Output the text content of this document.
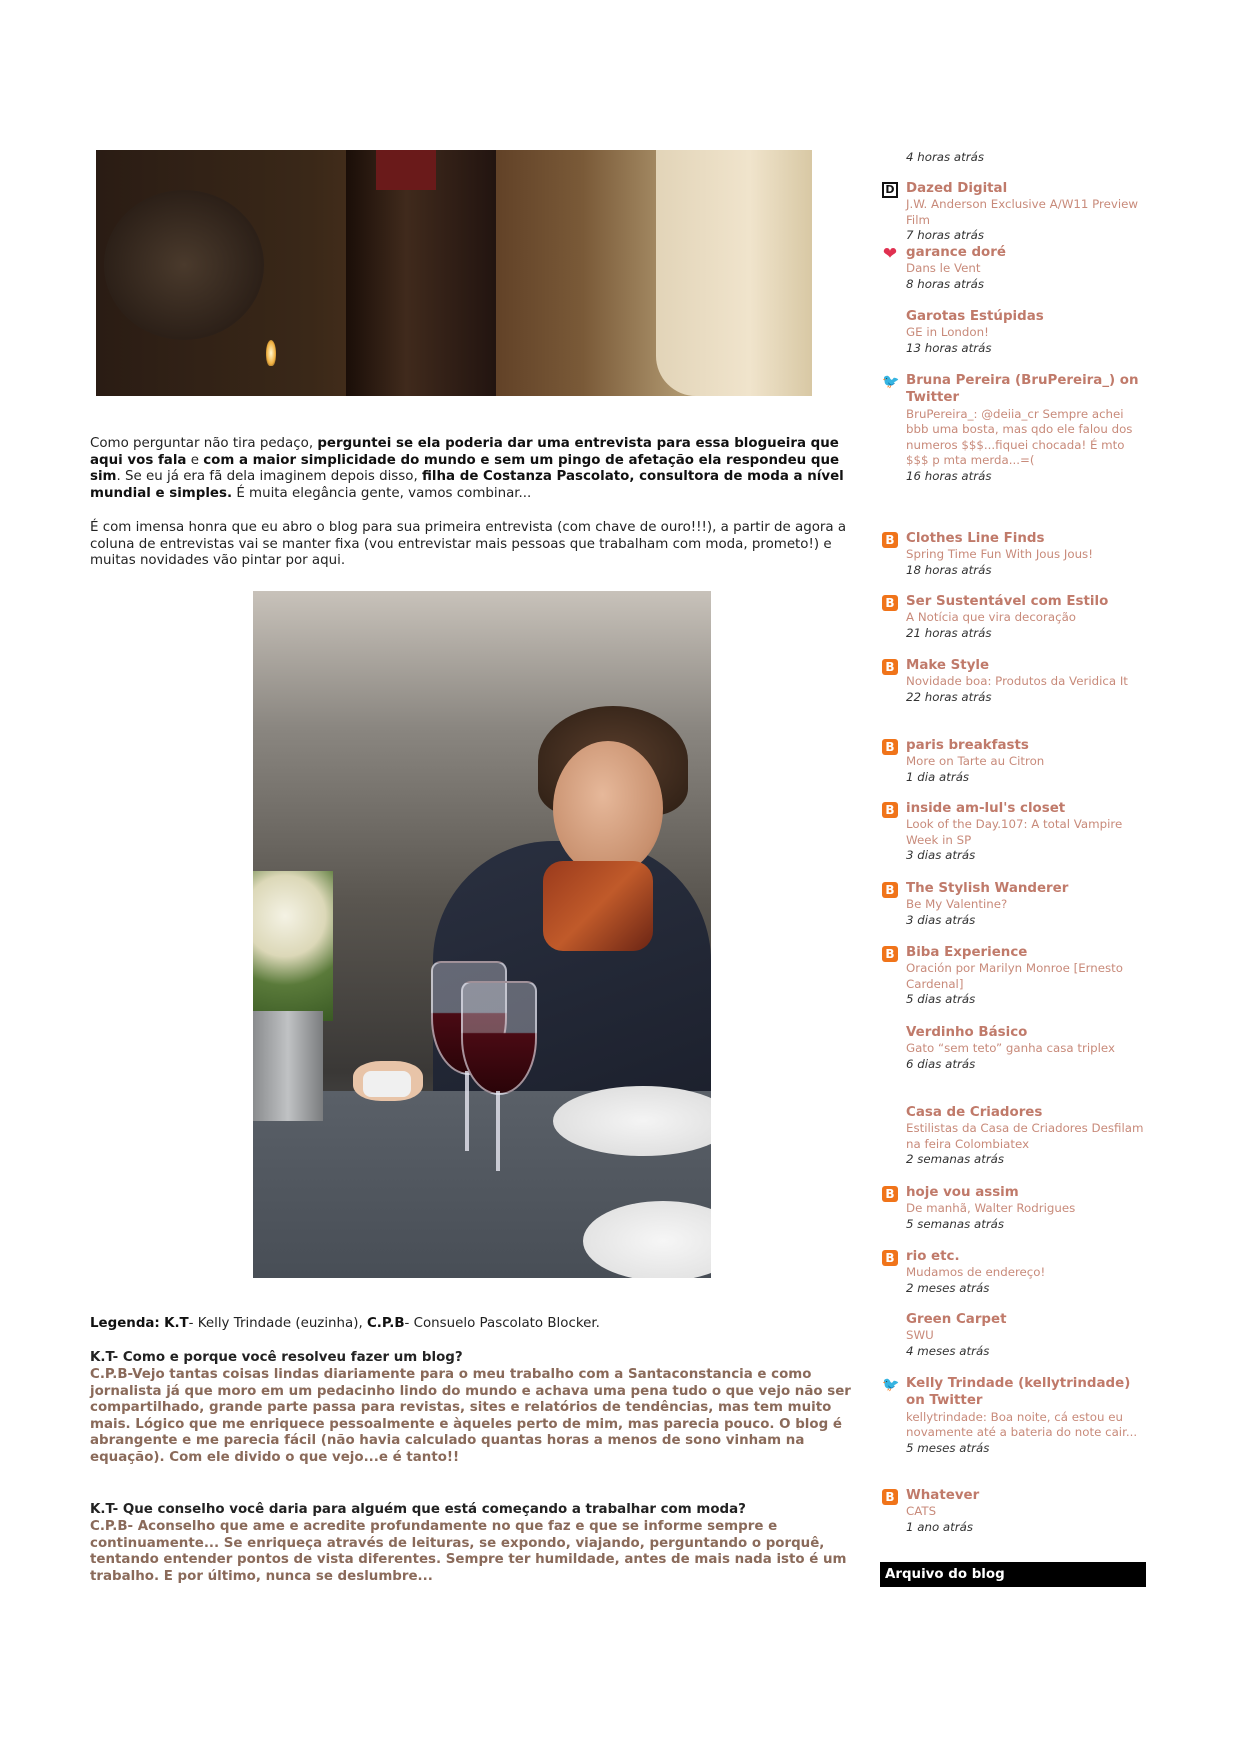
Como perguntar não tira pedaço, perguntei se ela poderia dar uma entrevista para essa blogueira que aqui vos fala e com a maior simplicidade do mundo e sem um pingo de afetação ela respondeu que sim. Se eu já era fã dela imaginem depois disso, filha de Costanza Pascolato, consultora de moda a nível mundial e simples. É muita elegância gente, vamos combinar...

É com imensa honra que eu abro o blog para sua primeira entrevista (com chave de ouro!!!), a partir de agora a coluna de entrevistas vai se manter fixa (vou entrevistar mais pessoas que trabalham com moda, prometo!) e muitas novidades vão pintar por aqui.

Legenda: K.T- Kelly Trindade (euzinha), C.P.B- Consuelo Pascolato Blocker.

K.T- Como e porque você resolveu fazer um blog?

C.P.B-Vejo tantas coisas lindas diariamente para o meu trabalho com a Santaconstancia e como jornalista já que moro em um pedacinho lindo do mundo e achava uma pena tudo o que vejo não ser compartilhado, grande parte passa para revistas, sites e relatórios de tendências, mas tem muito mais. Lógico que me enriquece pessoalmente e àqueles perto de mim, mas parecia pouco. O blog é abrangente e me parecia fácil (não havia calculado quantas horas a menos de sono vinham na equação). Com ele divido o que vejo...e é tanto!!

K.T- Que conselho você daria para alguém que está começando a trabalhar com moda?

C.P.B- Aconselho que ame e acredite profundamente no que faz e que se informe sempre e continuamente... Se enriqueça através de leituras, se expondo, viajando, perguntando o porquê, tentando entender pontos de vista diferentes. Sempre ter humildade, antes de mais nada isto é um trabalho. E por último, nunca se deslumbre...

4 horas atrás
D Dazed Digital
J.W. Anderson Exclusive A/W11 Preview Film
7 horas atrás
❤ garance doré
Dans le Vent
8 horas atrás
Garotas Estúpidas
GE in London!
13 horas atrás
🐦 Bruna Pereira (BruPereira_) on Twitter
BruPereira_: @deiia_cr Sempre achei bbb uma bosta, mas qdo ele falou dos numeros $$$...fiquei chocada! É mto $$$ p mta merda...=(
16 horas atrás
B Clothes Line Finds
Spring Time Fun With Jous Jous!
18 horas atrás
B Ser Sustentável com Estilo
A Notícia que vira decoração
21 horas atrás
B Make Style
Novidade boa: Produtos da Veridica It
22 horas atrás
B paris breakfasts
More on Tarte au Citron
1 dia atrás
B inside am-lul's closet
Look of the Day.107: A total Vampire Week in SP
3 dias atrás
B The Stylish Wanderer
Be My Valentine?
3 dias atrás
B Biba Experience
Oración por Marilyn Monroe [Ernesto Cardenal]
5 dias atrás
Verdinho Básico
Gato “sem teto” ganha casa triplex
6 dias atrás
Casa de Criadores
Estilistas da Casa de Criadores Desfilam na feira Colombiatex
2 semanas atrás
B hoje vou assim
De manhã, Walter Rodrigues
5 semanas atrás
B rio etc.
Mudamos de endereço!
2 meses atrás
Green Carpet
SWU
4 meses atrás
🐦 Kelly Trindade (kellytrindade) on Twitter
kellytrindade: Boa noite, cá estou eu novamente até a bateria do note cair...
5 meses atrás
B Whatever
CATS
1 ano atrás
Arquivo do blog
